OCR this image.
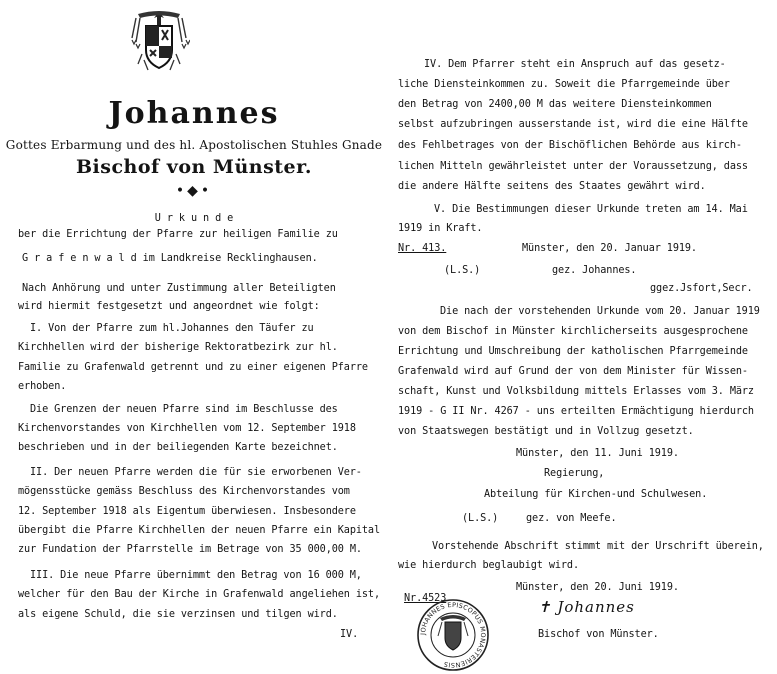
Johannes
Gottes Erbarmung und des hl. Apostolischen Stuhles Gnade
Bischof von Münster.
•◆•
U r k u n d e
ber die Errichtung der Pfarre zur heiligen Familie zu
G r a f e n w a l d im Landkreise Recklinghausen.
Nach Anhörung und unter Zustimmung aller Beteiligten
wird hiermit festgesetzt und angeordnet wie folgt:
I. Von der Pfarre zum hl.Johannes den Täufer zu
Kirchhellen wird der bisherige Rektoratbezirk zur hl.
Familie zu Grafenwald getrennt und zu einer eigenen Pfarre
erhoben.
Die Grenzen der neuen Pfarre sind im Beschlusse des
Kirchenvorstandes von Kirchhellen vom 12. September 1918
beschrieben und in der beiliegenden Karte bezeichnet.
II. Der neuen Pfarre werden die für sie erworbenen Ver-
mögensstücke gemäss Beschluss des Kirchenvorstandes vom
12. September 1918 als Eigentum überwiesen. Insbesondere
übergibt die Pfarre Kirchhellen der neuen Pfarre ein Kapital
zur Fundation der Pfarrstelle im Betrage von 35 000,00 M.
III. Die neue Pfarre übernimmt den Betrag von 16 000 M,
welcher für den Bau der Kirche in Grafenwald angeliehen ist,
als eigene Schuld, die sie verzinsen und tilgen wird.
IV.
IV. Dem Pfarrer steht ein Anspruch auf das gesetz-
liche Diensteinkommen zu. Soweit die Pfarrgemeinde über
den Betrag von 2400,00 M das weitere Diensteinkommen
selbst aufzubringen ausserstande ist, wird die eine Hälfte
des Fehlbetrages von der Bischöflichen Behörde aus kirch-
lichen Mitteln gewährleistet unter der Voraussetzung, dass
die andere Hälfte seitens des Staates gewährt wird.
V. Die Bestimmungen dieser Urkunde treten am 14. Mai
1919 in Kraft.
Nr. 413.	Münster, den 20. Januar 1919.
(L.S.)	gez. Johannes.
ggez.Jsfort,Secr.
Die nach der vorstehenden Urkunde vom 20. Januar 1919
von dem Bischof in Münster kirchlicherseits ausgesprochene
Errichtung und Umschreibung der katholischen Pfarrgemeinde
Grafenwald wird auf Grund der von dem Minister für Wissen-
schaft, Kunst und Volksbildung mittels Erlasses vom 3. März
1919 - G II Nr. 4267 - uns erteilten Ermächtigung hierdurch
von Staatswegen bestätigt und in Vollzug gesetzt.
Münster, den 11. Juni 1919.
Regierung,
Abteilung für Kirchen-und Schulwesen.
(L.S.)	gez. von Meefe.
Vorstehende Abschrift stimmt mit der Urschrift überein,
wie hierdurch beglaubigt wird.
Münster, den 20. Juni 1919.
Nr.4523
JOHANNES EPISCOPUS MONASTERIENSIS
✝ Johannes
Bischof von Münster.
